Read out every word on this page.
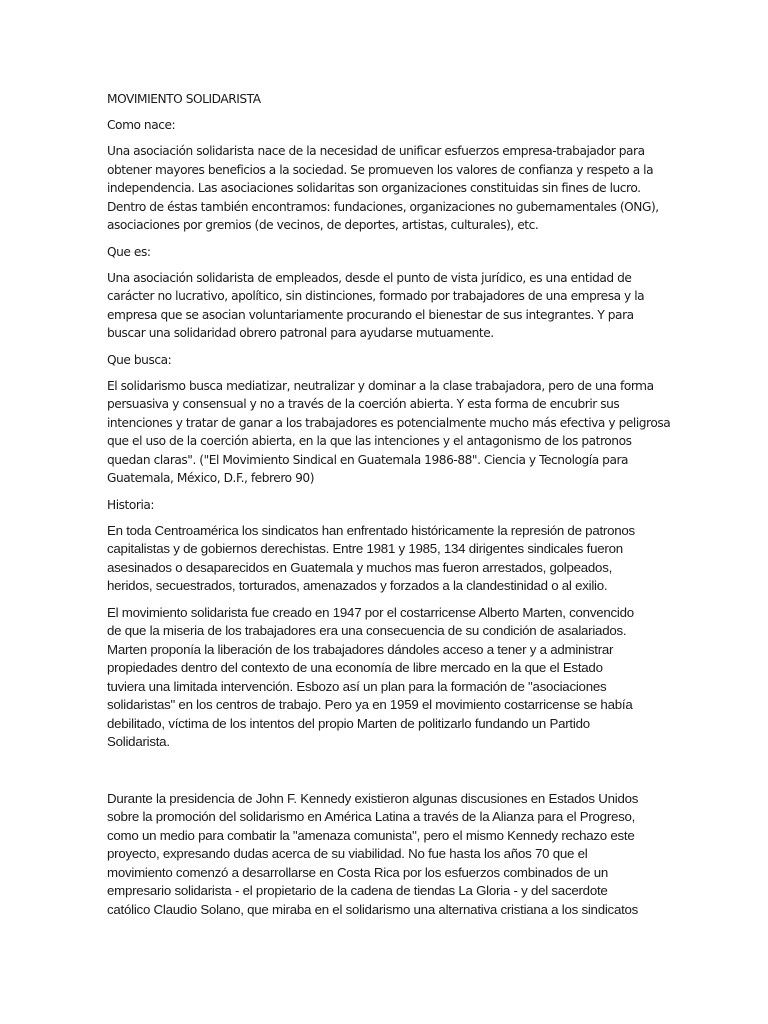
MOVIMIENTO SOLIDARISTA
Como nace:
Una asociación solidarista nace de la necesidad de unificar esfuerzos empresa-trabajador para
obtener mayores beneficios a la sociedad. Se promueven los valores de confianza y respeto a la
independencia. Las asociaciones solidaritas son organizaciones constituidas sin fines de lucro.
Dentro de éstas también encontramos: fundaciones, organizaciones no gubernamentales (ONG),
asociaciones por gremios (de vecinos, de deportes, artistas, culturales), etc.
Que es:
Una asociación solidarista de empleados, desde el punto de vista jurídico, es una entidad de
carácter no lucrativo, apolítico, sin distinciones, formado por trabajadores de una empresa y la
empresa que se asocian voluntariamente procurando el bienestar de sus integrantes. Y para
buscar una solidaridad obrero patronal para ayudarse mutuamente.
Que busca:
El solidarismo busca mediatizar, neutralizar y dominar a la clase trabajadora, pero de una forma
persuasiva y consensual y no a través de la coerción abierta. Y esta forma de encubrir sus
intenciones y tratar de ganar a los trabajadores es potencialmente mucho más efectiva y peligrosa
que el uso de la coerción abierta, en la que las intenciones y el antagonismo de los patronos
quedan claras". ("El Movimiento Sindical en Guatemala 1986-88". Ciencia y Tecnología para
Guatemala, México, D.F., febrero 90)
Historia:
En toda Centroamérica los sindicatos han enfrentado históricamente la represión de patronos
capitalistas y de gobiernos derechistas. Entre 1981 y 1985, 134 dirigentes sindicales fueron
asesinados o desaparecidos en Guatemala y muchos mas fueron arrestados, golpeados,
heridos, secuestrados, torturados, amenazados y forzados a la clandestinidad o al exilio.
El movimiento solidarista fue creado en 1947 por el costarricense Alberto Marten, convencido
de que la miseria de los trabajadores era una consecuencia de su condición de asalariados.
Marten proponía la liberación de los trabajadores dándoles acceso a tener y a administrar
propiedades dentro del contexto de una economía de libre mercado en la que el Estado
tuviera una limitada intervención. Esbozo así un plan para la formación de "asociaciones
solidaristas" en los centros de trabajo. Pero ya en 1959 el movimiento costarricense se había
debilitado, víctima de los intentos del propio Marten de politizarlo fundando un Partido
Solidarista.
Durante la presidencia de John F. Kennedy existieron algunas discusiones en Estados Unidos
sobre la promoción del solidarismo en América Latina a través de la Alianza para el Progreso,
como un medio para combatir la "amenaza comunista", pero el mismo Kennedy rechazo este
proyecto, expresando dudas acerca de su viabilidad. No fue hasta los años 70 que el
movimiento comenzó a desarrollarse en Costa Rica por los esfuerzos combinados de un
empresario solidarista - el propietario de la cadena de tiendas La Gloria - y del sacerdote
católico Claudio Solano, que miraba en el solidarismo una alternativa cristiana a los sindicatos
